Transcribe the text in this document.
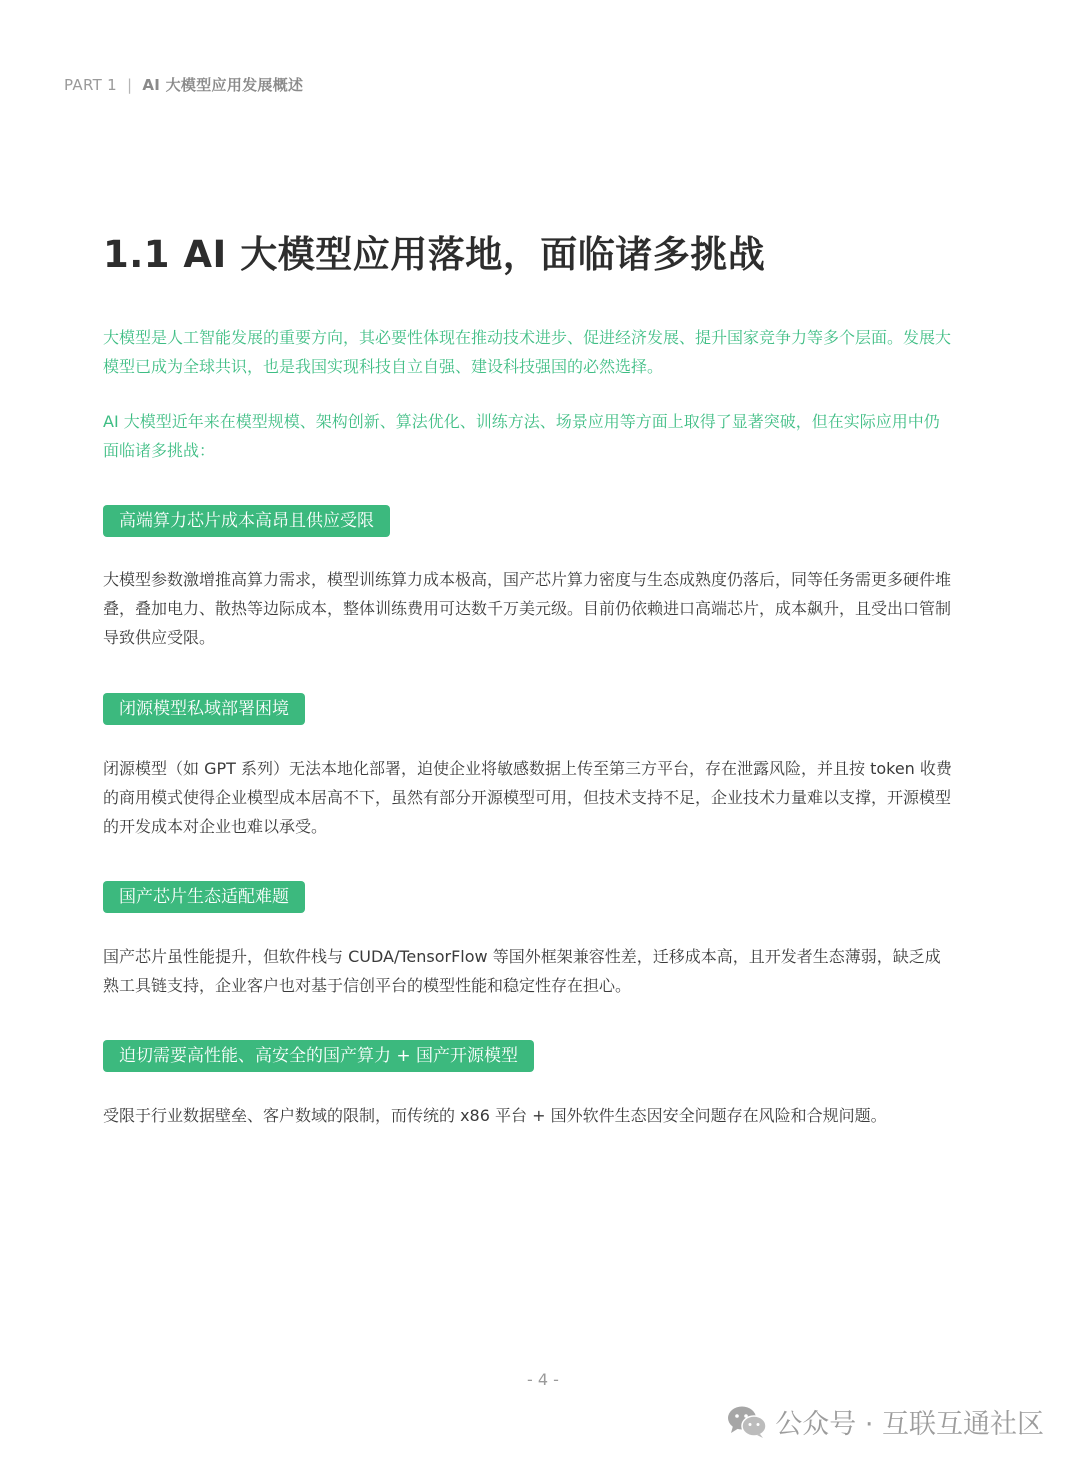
PART 1 | AI 大模型应用发展概述
1.1 AI 大模型应用落地，面临诸多挑战

大模型是人工智能发展的重要方向，其必要性体现在推动技术进步、促进经济发展、提升国家竞争力等多个层面。发展大模型已成为全球共识，也是我国实现科技自立自强、建设科技强国的必然选择。

AI 大模型近年来在模型规模、架构创新、算法优化、训练方法、场景应用等方面上取得了显著突破，但在实际应用中仍面临诸多挑战：

高端算力芯片成本高昂且供应受限

大模型参数激增推高算力需求，模型训练算力成本极高，国产芯片算力密度与生态成熟度仍落后，同等任务需更多硬件堆叠，叠加电力、散热等边际成本，整体训练费用可达数千万美元级。目前仍依赖进口高端芯片，成本飙升，且受出口管制导致供应受限。

闭源模型私域部署困境

闭源模型（如 GPT 系列）无法本地化部署，迫使企业将敏感数据上传至第三方平台，存在泄露风险，并且按 token 收费的商用模式使得企业模型成本居高不下，虽然有部分开源模型可用，但技术支持不足，企业技术力量难以支撑，开源模型的开发成本对企业也难以承受。

国产芯片生态适配难题

国产芯片虽性能提升，但软件栈与 CUDA/TensorFlow 等国外框架兼容性差，迁移成本高，且开发者生态薄弱，缺乏成熟工具链支持，企业客户也对基于信创平台的模型性能和稳定性存在担心。

迫切需要高性能、高安全的国产算力 + 国产开源模型

受限于行业数据壁垒、客户数域的限制，而传统的 x86 平台 + 国外软件生态因安全问题存在风险和合规问题。

- 4 -
公众号 · 互联互通社区
